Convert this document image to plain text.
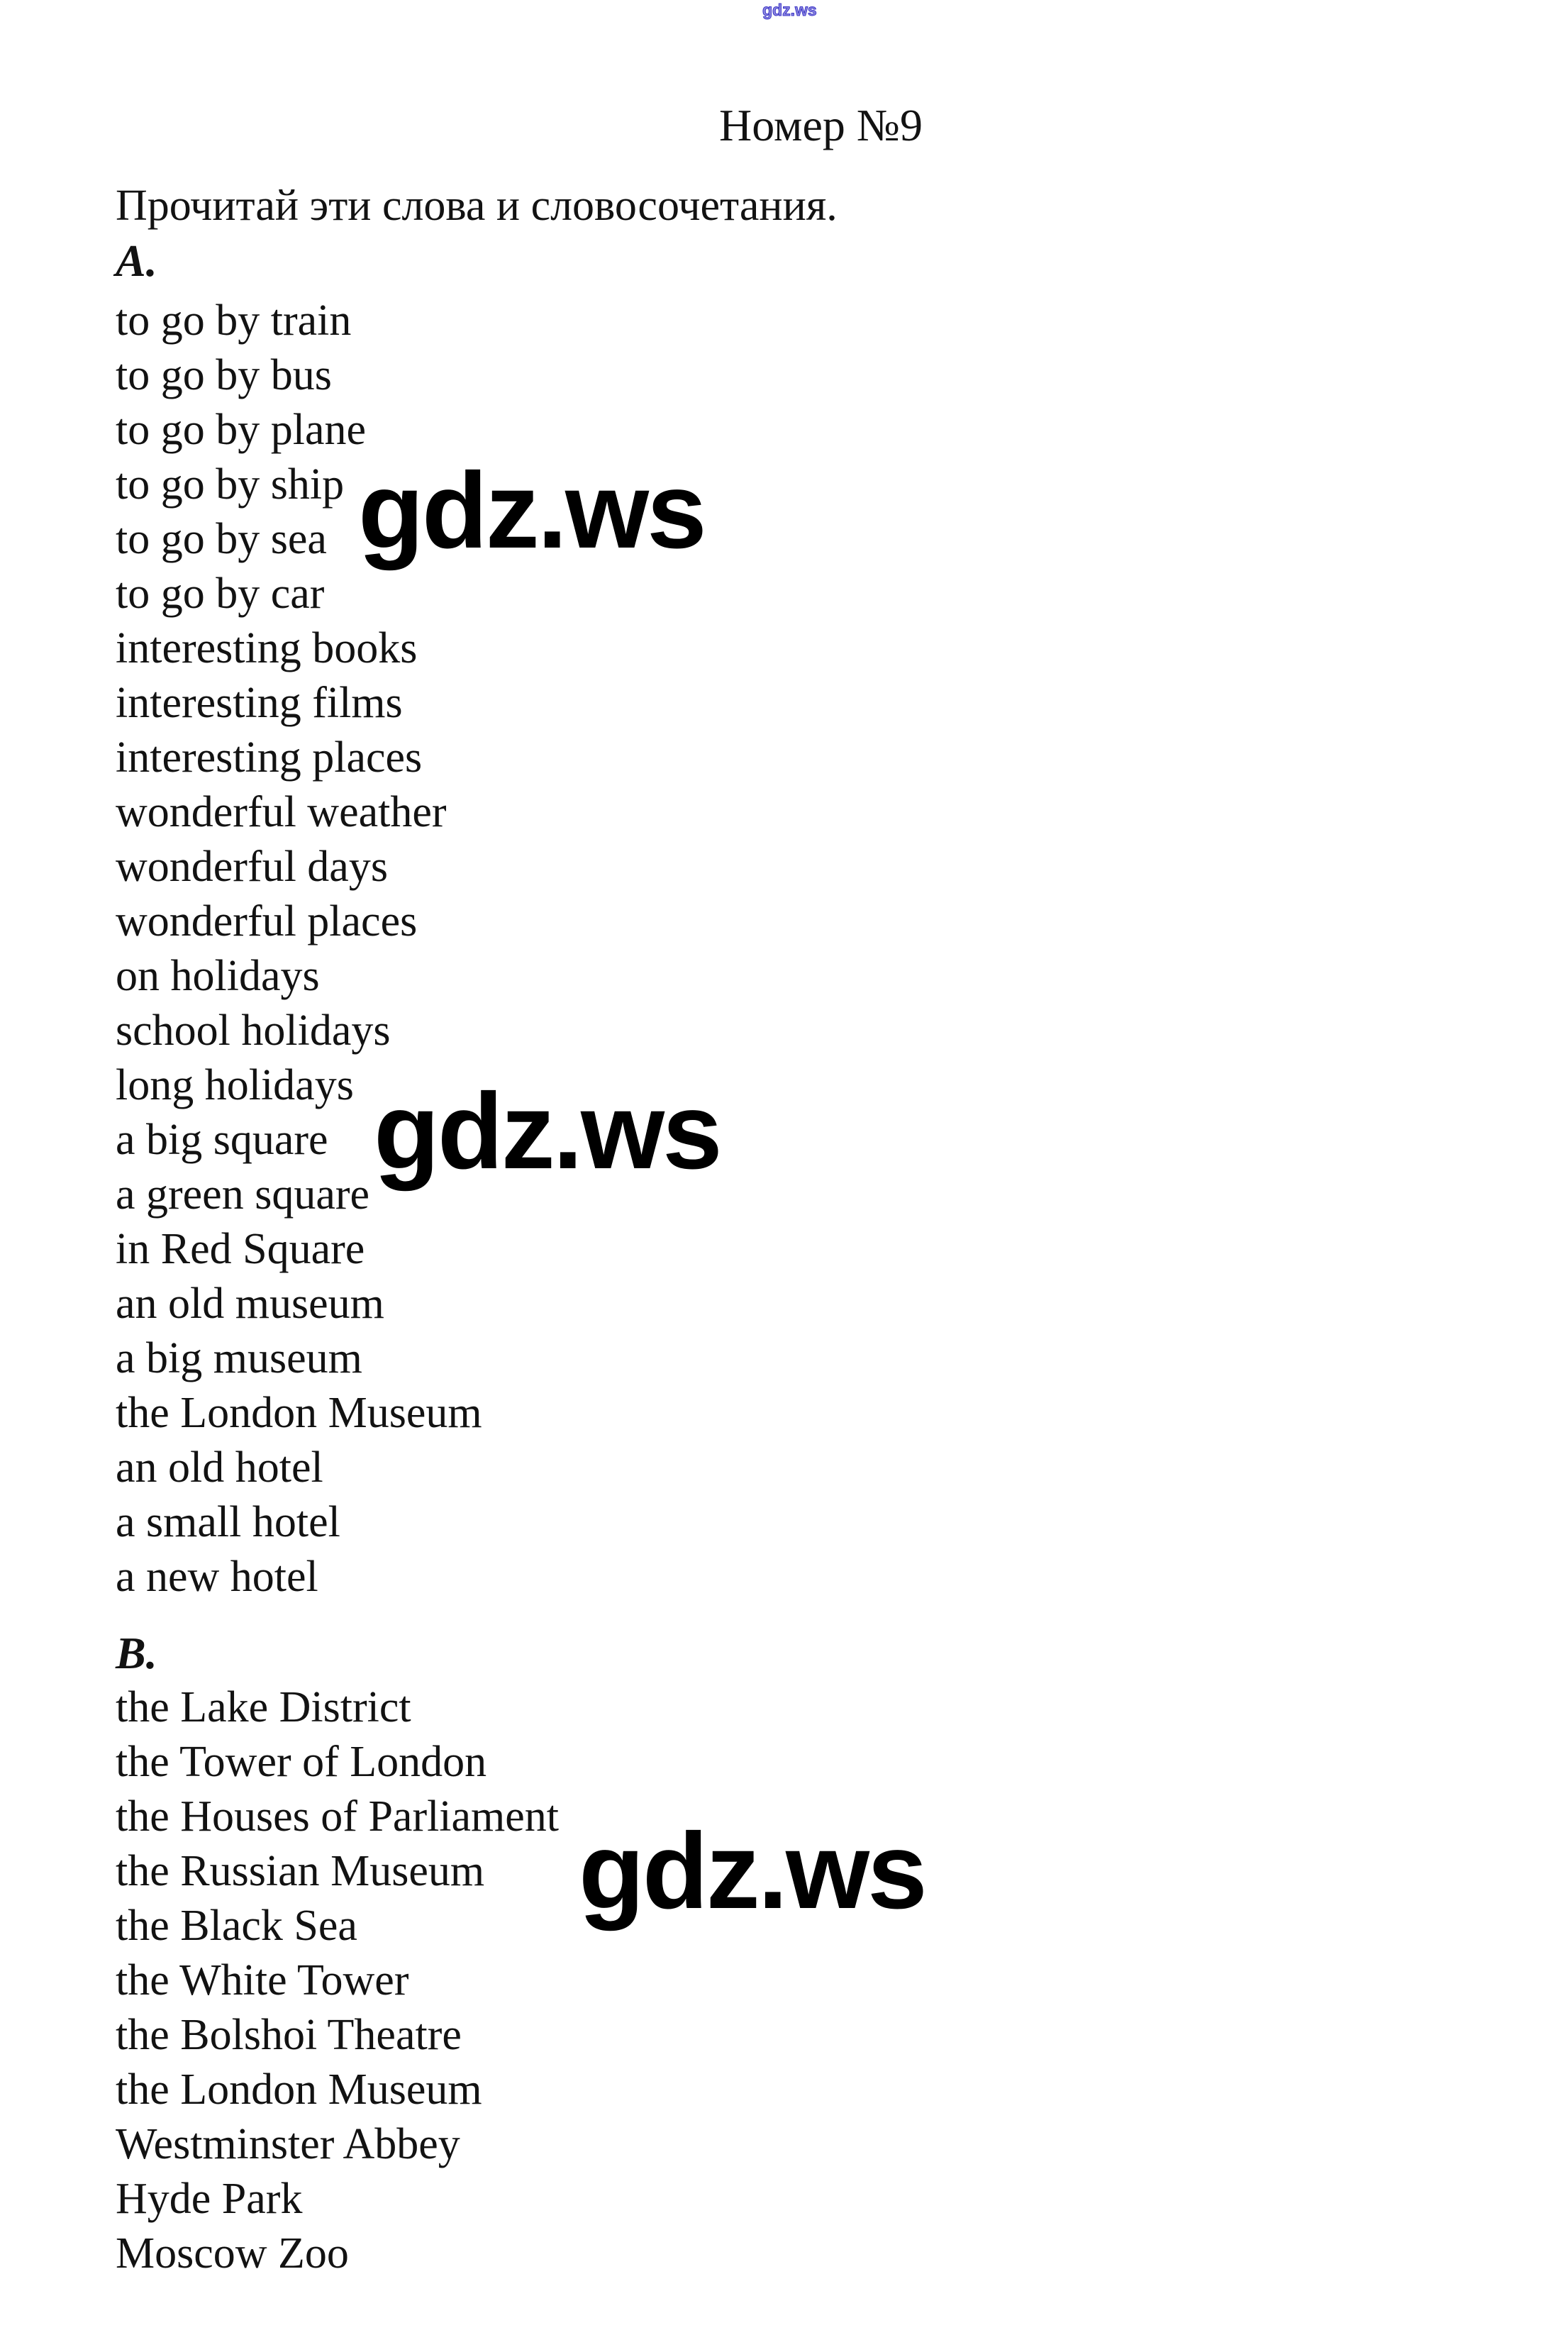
gdz.ws
Номер №9
Прочитай эти слова и словосочетания.
А.
to go by train
to go by bus
to go by plane
to go by ship
to go by sea
to go by car
interesting books
interesting films
interesting places
wonderful weather
wonderful days
wonderful places
on holidays
school holidays
long holidays
a big square
a green square
in Red Square
an old museum
a big museum
the London Museum
an old hotel
a small hotel
a new hotel
B.
the Lake District
the Tower of London
the Houses of Parliament
the Russian Museum
the Black Sea
the White Tower
the Bolshoi Theatre
the London Museum
Westminster Abbey
Hyde Park
Moscow Zoo
gdz.ws
gdz.ws
gdz.ws
